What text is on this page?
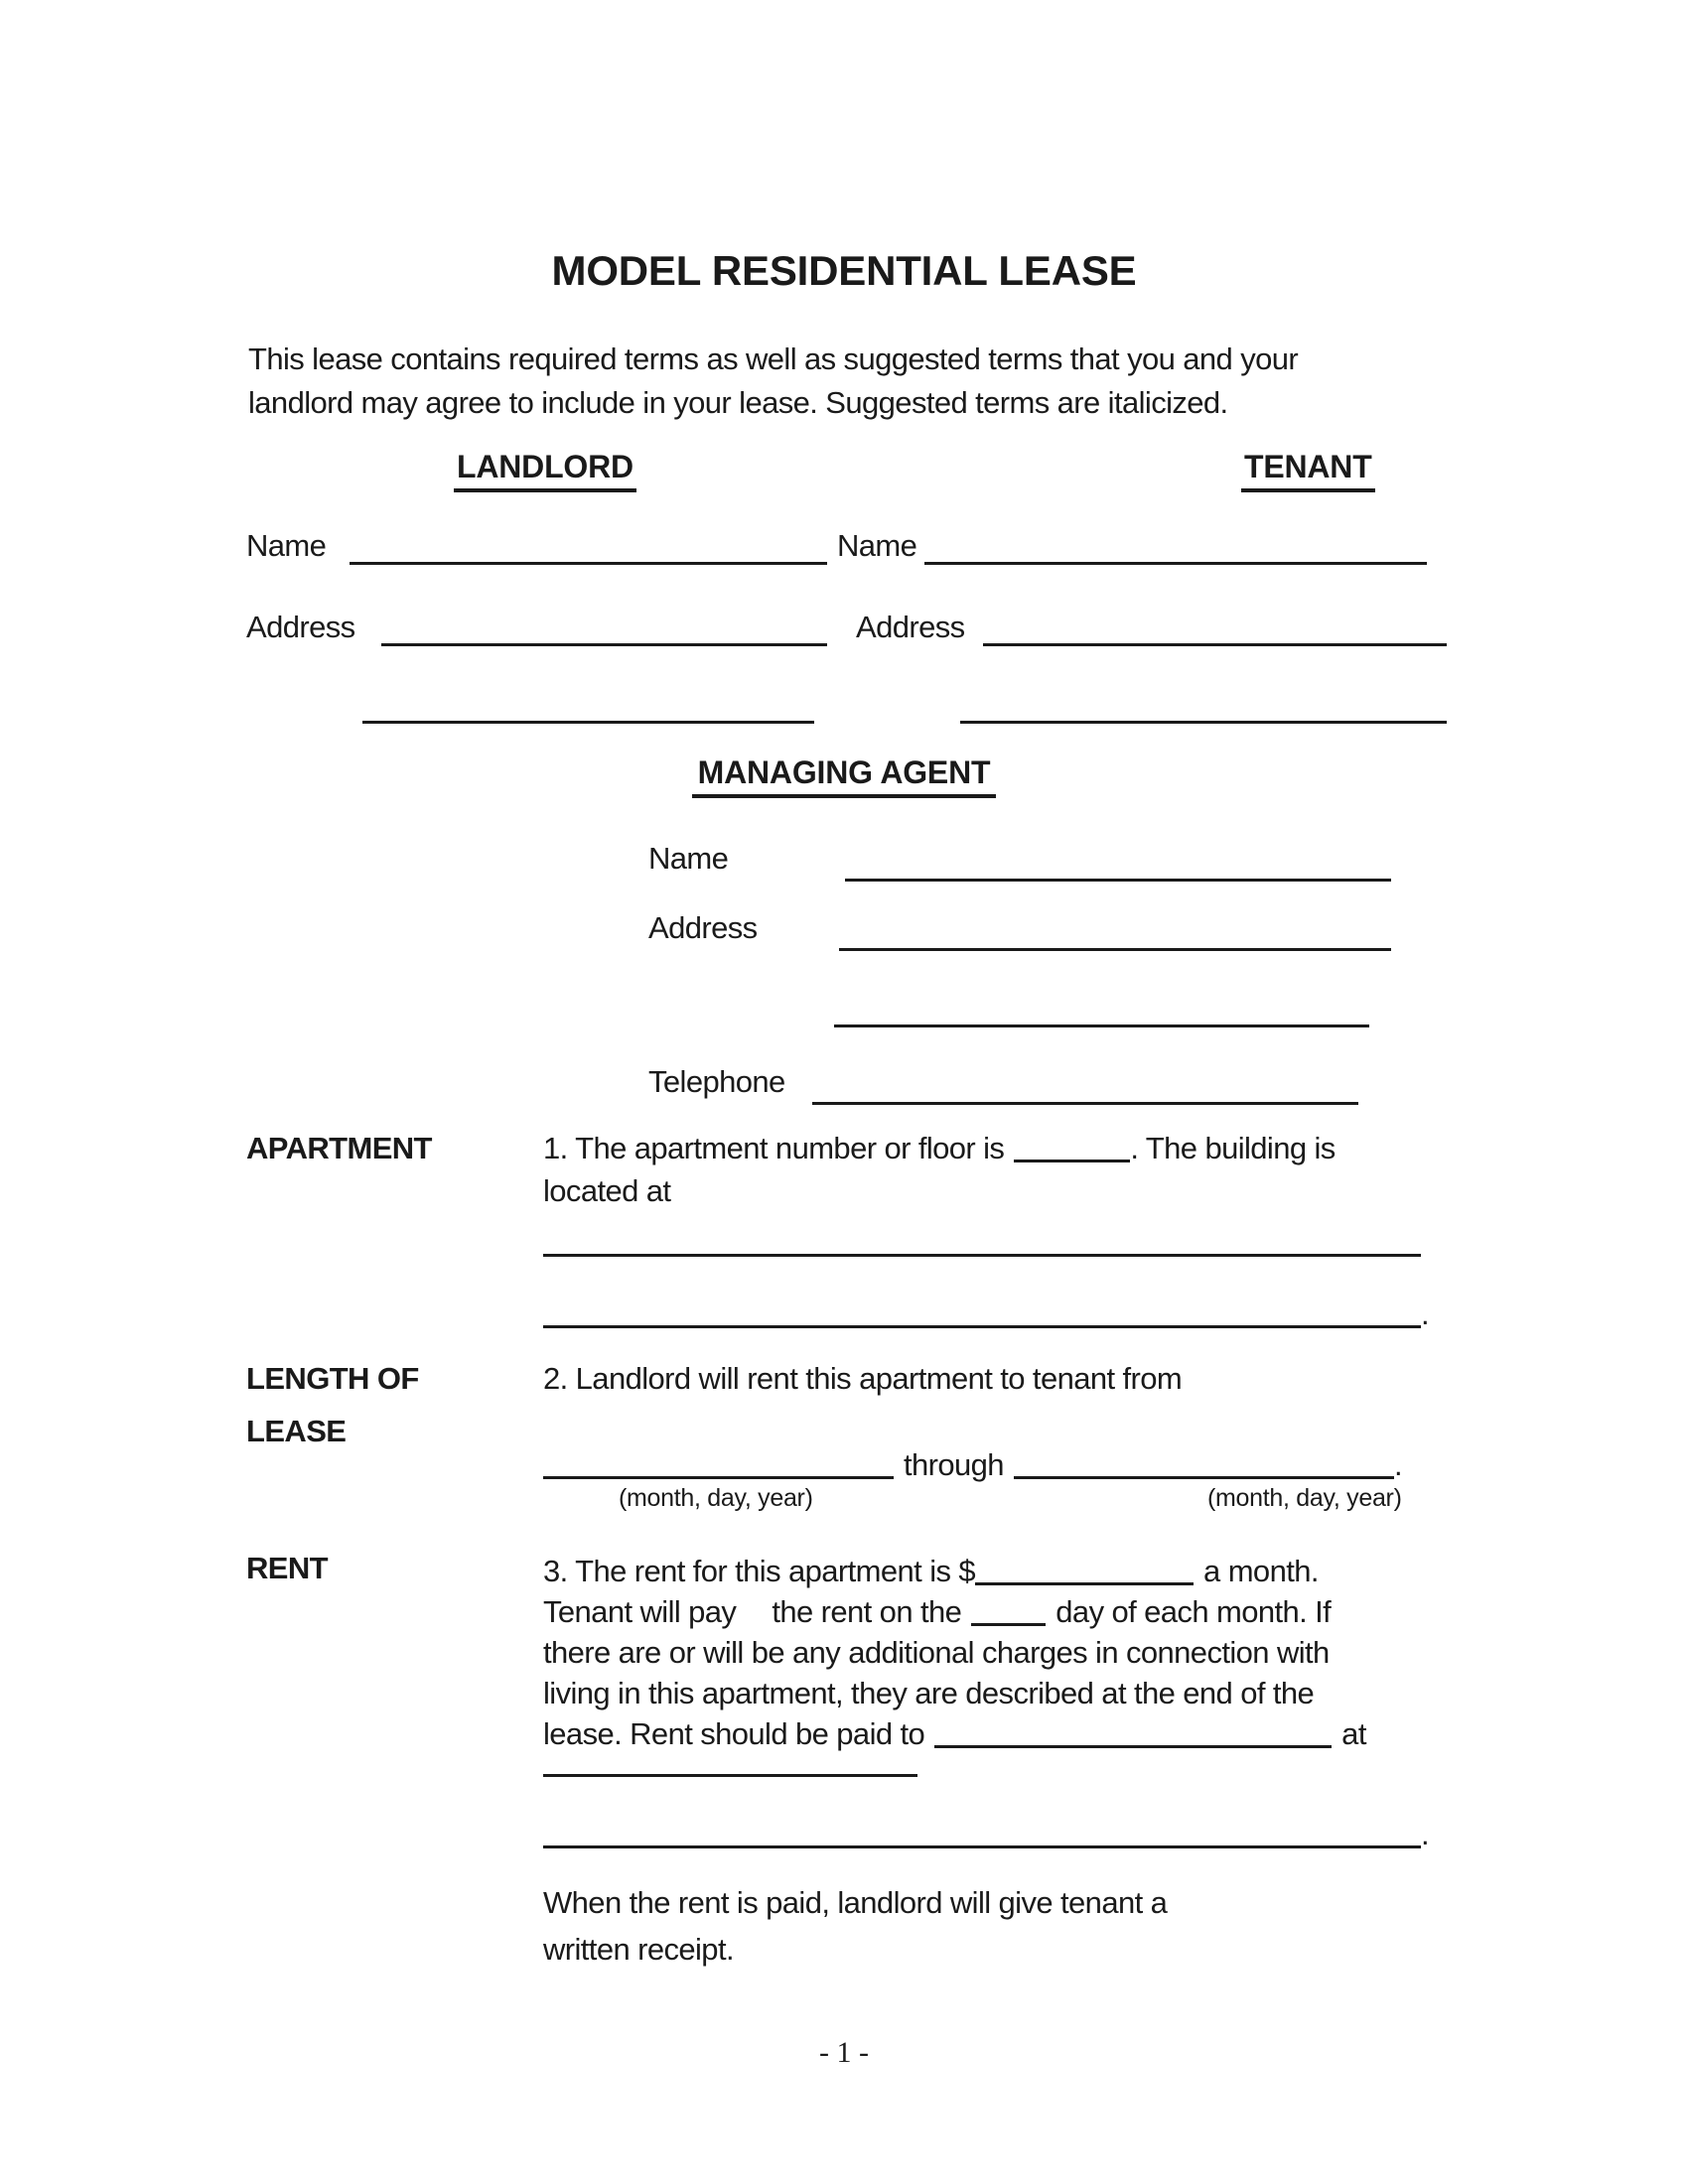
MODEL RESIDENTIAL LEASE
This lease contains required terms as well as suggested terms that you and your
landlord may agree to include in your lease. Suggested terms are italicized.
LANDLORD	TENANT
Name	Name
Address	Address
MANAGING AGENT
Name
Address
Telephone
APARTMENT	1. The apartment number or floor is	. The building is
located at
.
LENGTH OF
LEASE
2. Landlord will rent this apartment to tenant from
through	.
(month, day, year)	(month, day, year)
RENT	3. The rent for this apartment is $	a month.
Tenant will pay the rent on the	day of each month. If
there are or will be any additional charges in connection with
living in this apartment, they are described at the end of the
lease. Rent should be paid to	at
.
When the rent is paid, landlord will give tenant a
written receipt.
- 1 -
